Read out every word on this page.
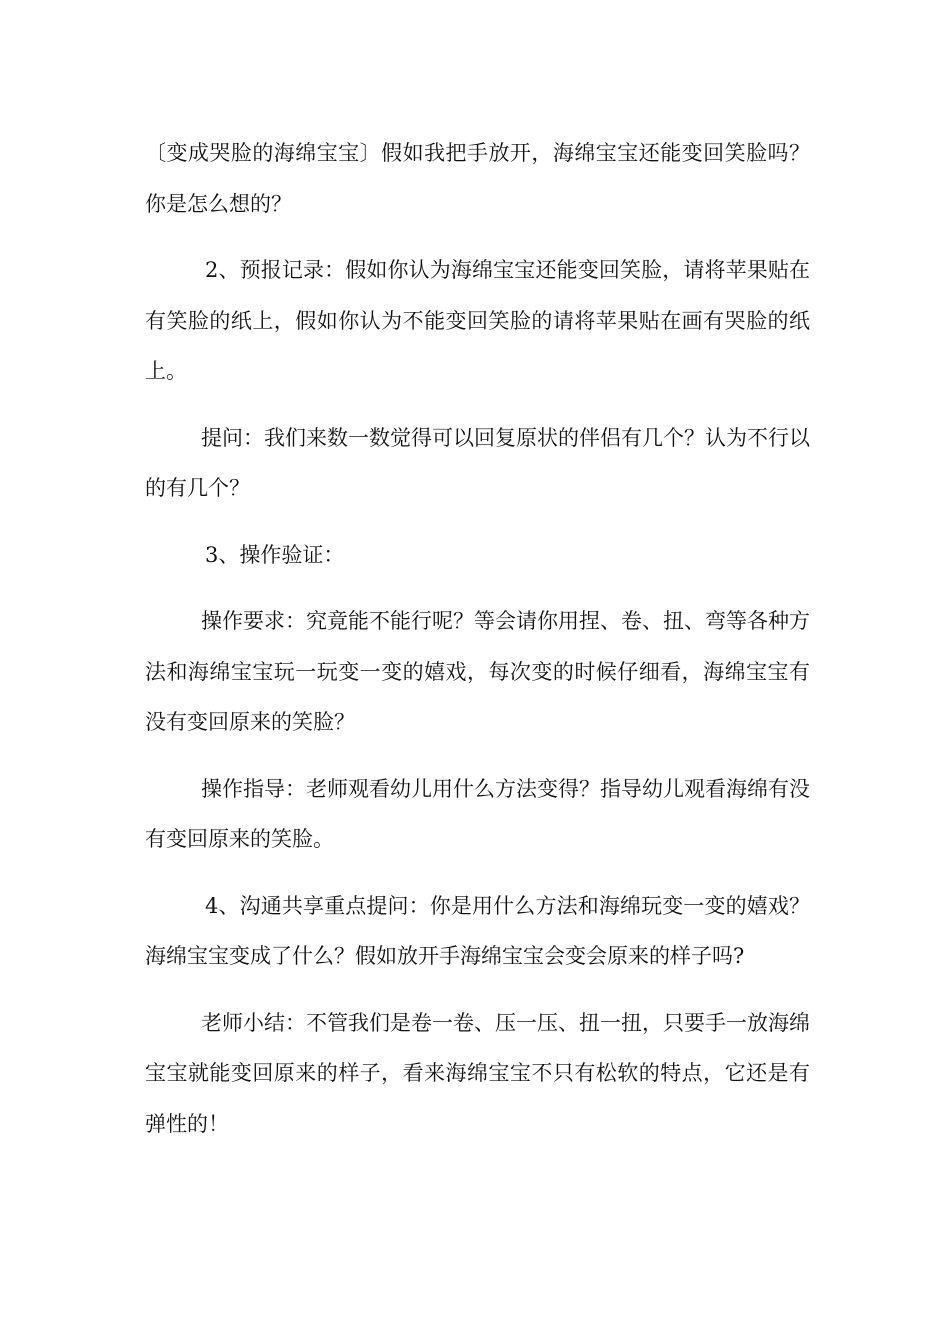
〔变成哭脸的海绵宝宝〕假如我把手放开，海绵宝宝还能变回笑脸吗？你是怎么想的？

2、预报记录：假如你认为海绵宝宝还能变回笑脸，请将苹果贴在有笑脸的纸上，假如你认为不能变回笑脸的请将苹果贴在画有哭脸的纸上。

提问：我们来数一数觉得可以回复原状的伴侣有几个？认为不行以的有几个？

3、操作验证：

操作要求：究竟能不能行呢？等会请你用捏、卷、扭、弯等各种方法和海绵宝宝玩一玩变一变的嬉戏，每次变的时候仔细看，海绵宝宝有没有变回原来的笑脸？

操作指导：老师观看幼儿用什么方法变得？指导幼儿观看海绵有没有变回原来的笑脸。

4、沟通共享重点提问：你是用什么方法和海绵玩变一变的嬉戏？海绵宝宝变成了什么？假如放开手海绵宝宝会变会原来的样子吗?

老师小结：不管我们是卷一卷、压一压、扭一扭，只要手一放海绵宝宝就能变回原来的样子，看来海绵宝宝不只有松软的特点，它还是有弹性的！
